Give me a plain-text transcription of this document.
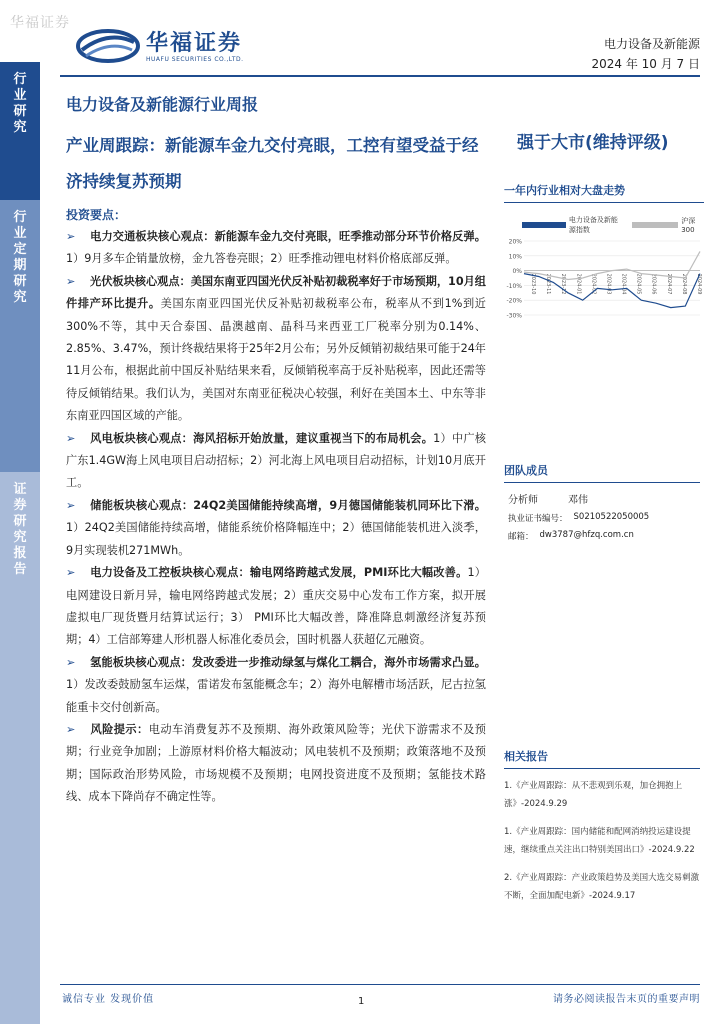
华福证券
华福证券
HUAFU SECURITIES CO.,LTD.
电力设备及新能源
2024 年 10 月 7 日
行业研究
行业定期研究
证券研究报告
电力设备及新能源行业周报
产业周跟踪：新能源车金九交付亮眼，工控有望受益于经济持续复苏预期
强于大市(维持评级)
投资要点：
➢ 电力交通板块核心观点：新能源车金九交付亮眼，旺季推动部分环节价格反弹。1）9月多车企销量放榜，金九答卷亮眼；2）旺季推动锂电材料价格底部反弹。
➢ 光伏板块核心观点：美国东南亚四国光伏反补贴初裁税率好于市场预期，10月组件排产环比提升。美国东南亚四国光伏反补贴初裁税率公布，税率从不到1%到近300%不等，其中天合泰国、晶澳越南、晶科马来西亚工厂税率分别为0.14%、2.85%、3.47%，预计终裁结果将于25年2月公布；另外反倾销初裁结果可能于24年11月公布，根据此前中国反补贴结果来看，反倾销税率高于反补贴税率，因此还需等待反倾销结果。我们认为，美国对东南亚征税决心较强，利好在美国本土、中东等非东南亚四国区域的产能。
➢ 风电板块核心观点：海风招标开始放量，建议重视当下的布局机会。1）中广核广东1.4GW海上风电项目启动招标；2）河北海上风电项目启动招标，计划10月底开工。
➢ 储能板块核心观点：24Q2美国储能持续高增，9月德国储能装机同环比下滑。1）24Q2美国储能持续高增，储能系统价格降幅连中；2）德国储能装机进入淡季，9月实现装机271MWh。
➢ 电力设备及工控板块核心观点：输电网络跨越式发展，PMI环比大幅改善。1）电网建设日新月异，输电网络跨越式发展；2）重庆交易中心发布工作方案，拟开展虚拟电厂现货暨月结算试运行；3） PMI环比大幅改善，降准降息刺激经济复苏预期；4）工信部筹建人形机器人标准化委员会，国时机器人获超亿元融资。
➢ 氢能板块核心观点：发改委进一步推动绿氢与煤化工耦合，海外市场需求凸显。1）发改委鼓励氢车运煤，雷诺发布氢能概念车；2）海外电解槽市场活跃，尼古拉氢能重卡交付创新高。
➢ 风险提示：电动车消费复苏不及预期、海外政策风险等；光伏下游需求不及预期；行业竞争加剧；上游原材料价格大幅波动；风电装机不及预期；政策落地不及预期；国际政治形势风险，市场规模不及预期；电网投资进度不及预期；氢能技术路线、成本下降尚存不确定性等。
一年内行业相对大盘走势
电力设备及新能源指数
沪深300
20%
10%
0%
-10%
-20%
-30%
2023-10 2023-11 2023-12 2024-01 2024-02 2024-03 2024-04 2024-05 2024-06 2024-07 2024-08 2024-09
团队成员
分析师	邓伟
执业证书编号： S0210522050005
邮箱： dw3787@hfzq.com.cn
相关报告
1.《产业周跟踪：从不悲观到乐观，加仓拥抱上涨》-2024.9.29
1.《产业周跟踪：国内储能和配网消纳投运建设提速，继续重点关注出口特别美国出口》-2024.9.22
2.《产业周跟踪：产业政策趋势及美国大选交易刺激不断，全面加配电新》-2024.9.17
诚信专业 发现价值	1	请务必阅读报告末页的重要声明
